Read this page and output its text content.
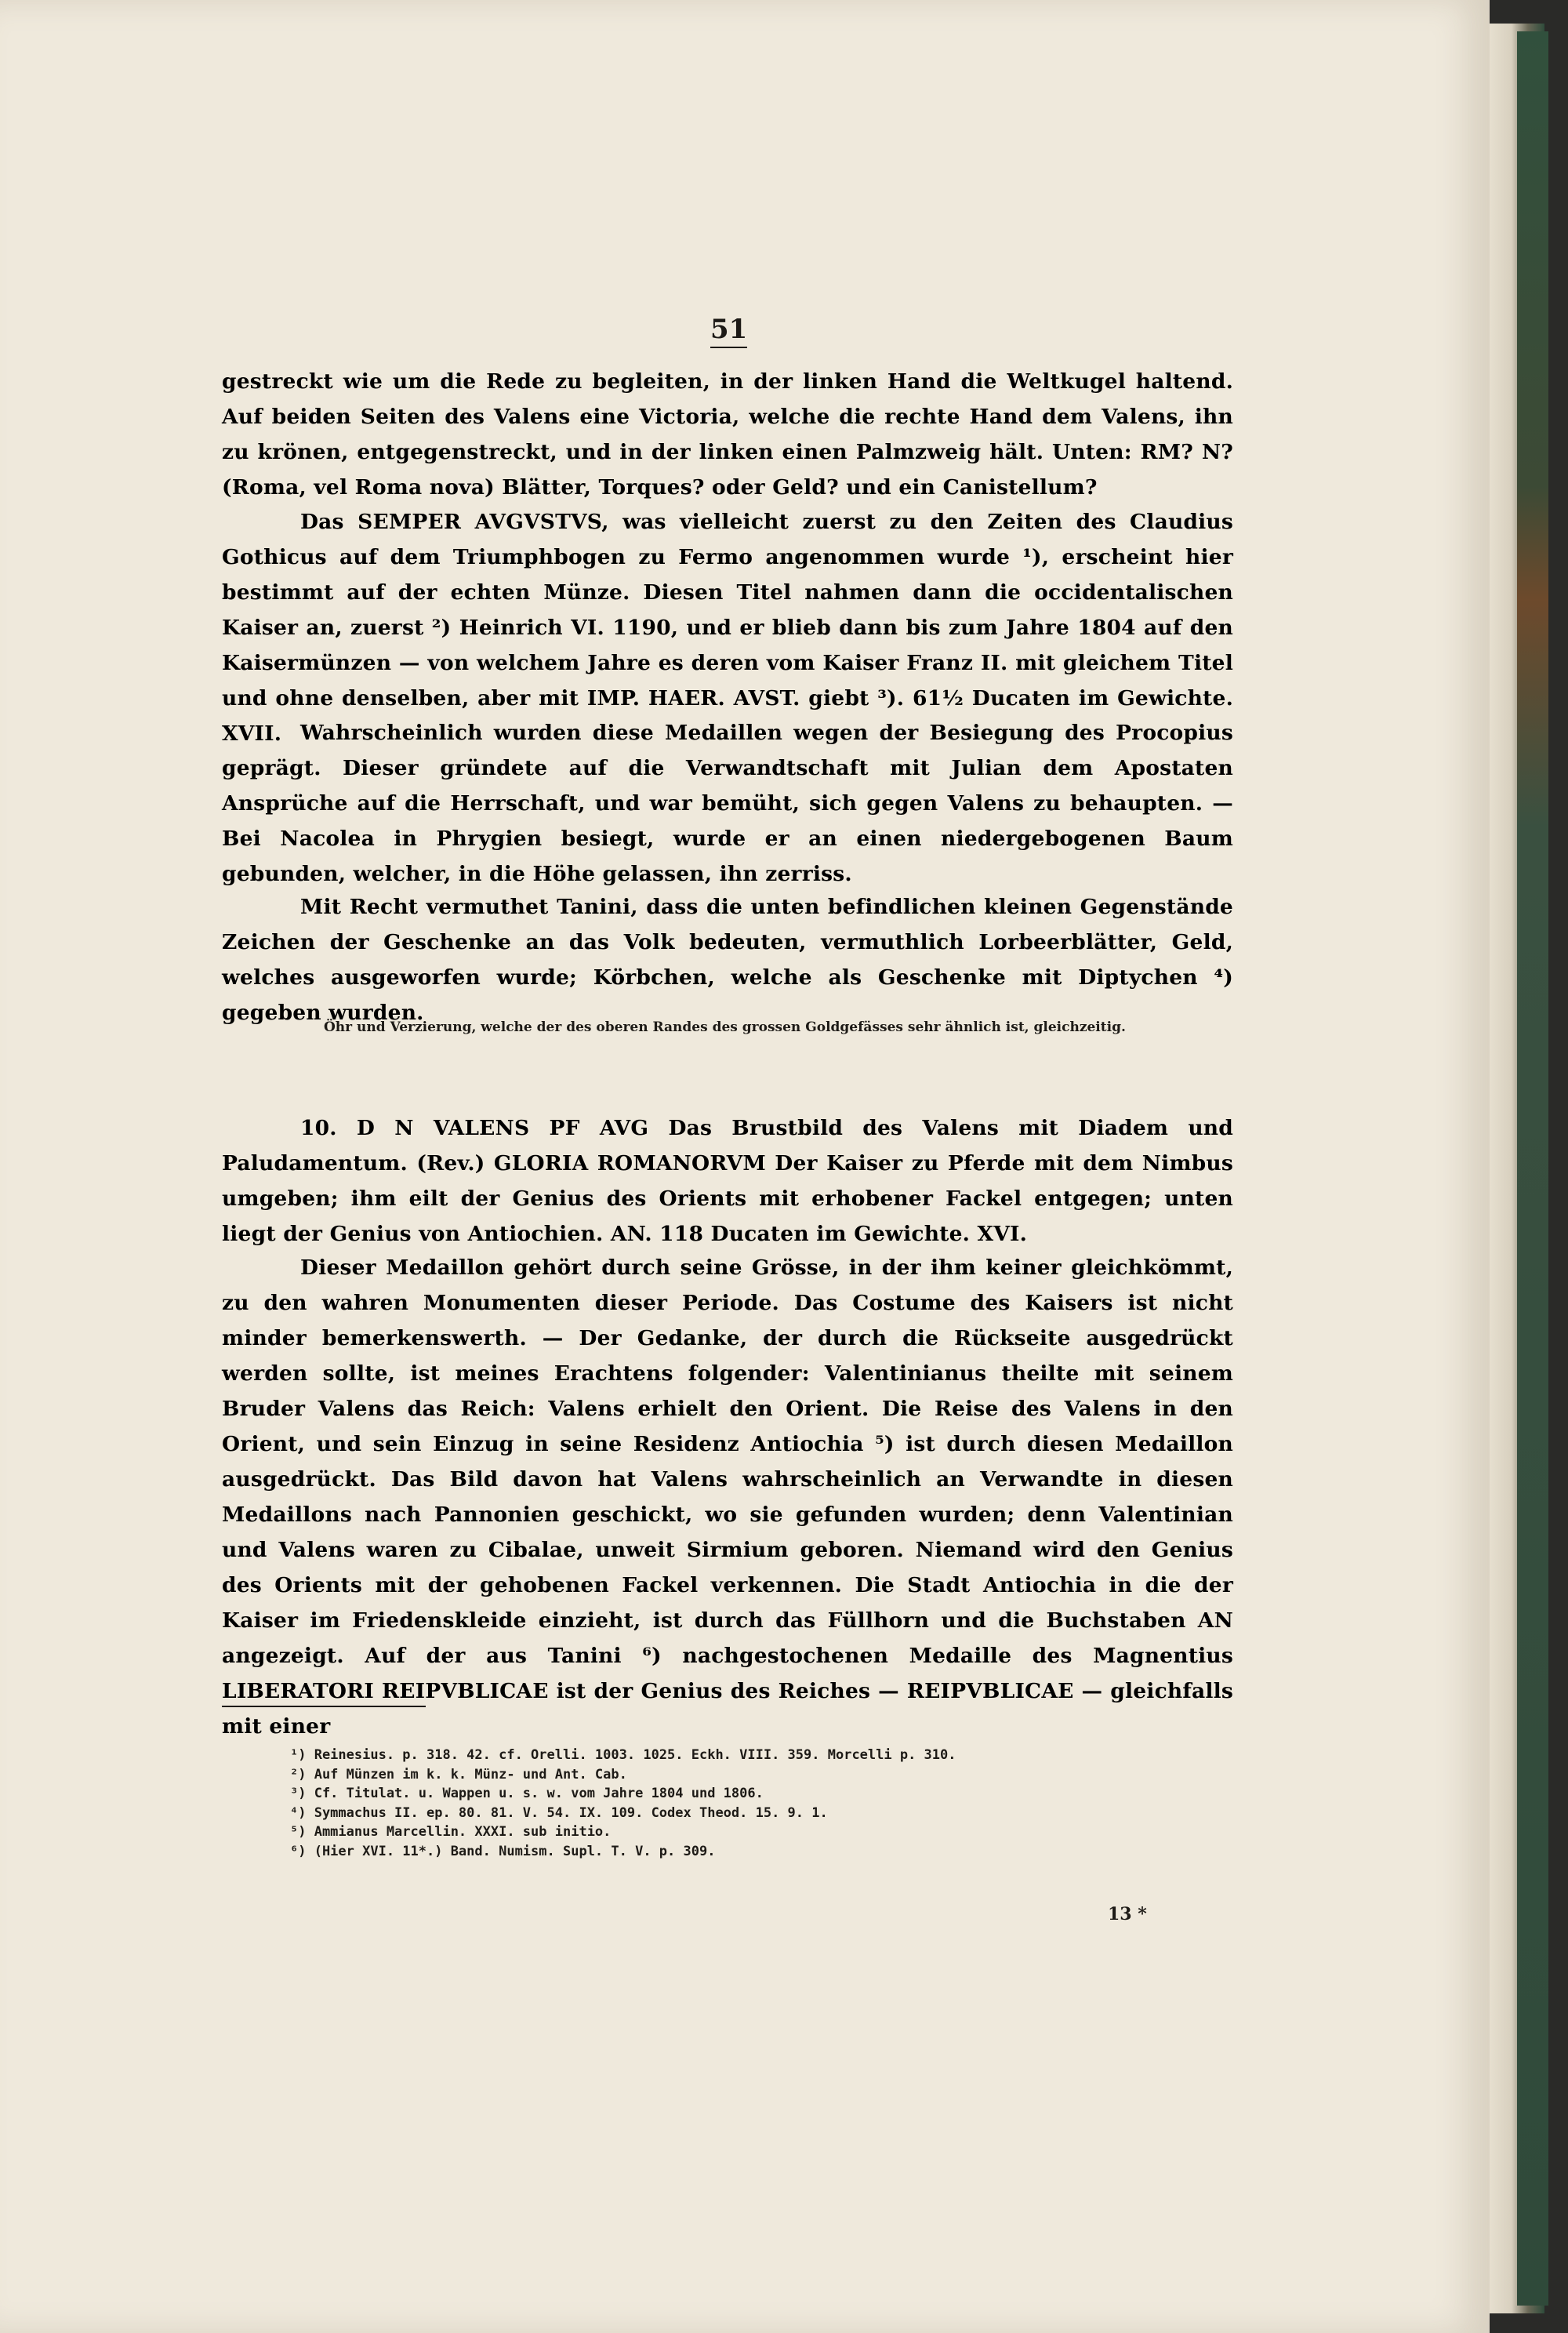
51

gestreckt wie um die Rede zu begleiten, in der linken Hand die Weltkugel haltend. Auf beiden Seiten des Valens eine Victoria, welche die rechte Hand dem Valens, ihn zu krönen, entgegenstreckt, und in der linken einen Palmzweig hält. Unten: RM? N? (Roma, vel Roma nova) Blätter, Torques? oder Geld? und ein Canistellum?

Das SEMPER AVGVSTVS, was vielleicht zuerst zu den Zeiten des Claudius Gothicus auf dem Triumphbogen zu Fermo angenommen wurde ¹), erscheint hier bestimmt auf der echten Münze. Diesen Titel nahmen dann die occidentalischen Kaiser an, zuerst ²) Heinrich VI. 1190, und er blieb dann bis zum Jahre 1804 auf den Kaisermünzen — von welchem Jahre es deren vom Kaiser Franz II. mit gleichem Titel und ohne denselben, aber mit IMP. HAER. AVST. giebt ³). 61½ Ducaten im Gewichte. XVII. Wahrscheinlich wurden diese Medaillen wegen der Besiegung des Procopius geprägt. Dieser gründete auf die Verwandtschaft mit Julian dem Apostaten Ansprüche auf die Herrschaft, und war bemüht, sich gegen Valens zu behaupten. — Bei Nacolea in Phrygien besiegt, wurde er an einen niedergebogenen Baum gebunden, welcher, in die Höhe gelassen, ihn zerriss.

Mit Recht vermuthet Tanini, dass die unten befindlichen kleinen Gegenstände Zeichen der Geschenke an das Volk bedeuten, vermuthlich Lorbeerblätter, Geld, welches ausgeworfen wurde; Körbchen, welche als Geschenke mit Diptychen ⁴) gegeben wurden.

Öhr und Verzierung, welche der des oberen Randes des grossen Goldgefässes sehr ähnlich ist, gleichzeitig.

10. D N VALENS PF AVG Das Brustbild des Valens mit Diadem und Paludamentum. (Rev.) GLORIA ROMANORVM Der Kaiser zu Pferde mit dem Nimbus umgeben; ihm eilt der Genius des Orients mit erhobener Fackel entgegen; unten liegt der Genius von Antiochien. AN. 118 Ducaten im Gewichte. XVI.

Dieser Medaillon gehört durch seine Grösse, in der ihm keiner gleichkömmt, zu den wahren Monumenten dieser Periode. Das Costume des Kaisers ist nicht minder bemerkenswerth. — Der Gedanke, der durch die Rückseite ausgedrückt werden sollte, ist meines Erachtens folgender: Valentinianus theilte mit seinem Bruder Valens das Reich: Valens erhielt den Orient. Die Reise des Valens in den Orient, und sein Einzug in seine Residenz Antiochia ⁵) ist durch diesen Medaillon ausgedrückt. Das Bild davon hat Valens wahrscheinlich an Verwandte in diesen Medaillons nach Pannonien geschickt, wo sie gefunden wurden; denn Valentinian und Valens waren zu Cibalae, unweit Sirmium geboren. Niemand wird den Genius des Orients mit der gehobenen Fackel verkennen. Die Stadt Antiochia in die der Kaiser im Friedenskleide einzieht, ist durch das Füllhorn und die Buchstaben AN angezeigt. Auf der aus Tanini ⁶) nachgestochenen Medaille des Magnentius LIBERATORI REIPVBLICAE ist der Genius des Reiches — REIPVBLICAE — gleichfalls mit einer

¹) Reinesius. p. 318. 42. cf. Orelli. 1003. 1025. Eckh. VIII. 359. Morcelli p. 310.
²) Auf Münzen im k. k. Münz- und Ant. Cab.
³) Cf. Titulat. u. Wappen u. s. w. vom Jahre 1804 und 1806.
⁴) Symmachus II. ep. 80. 81. V. 54. IX. 109. Codex Theod. 15. 9. 1.
⁵) Ammianus Marcellin. XXXI. sub initio.
⁶) (Hier XVI. 11*.) Band. Numism. Supl. T. V. p. 309.
13 *
